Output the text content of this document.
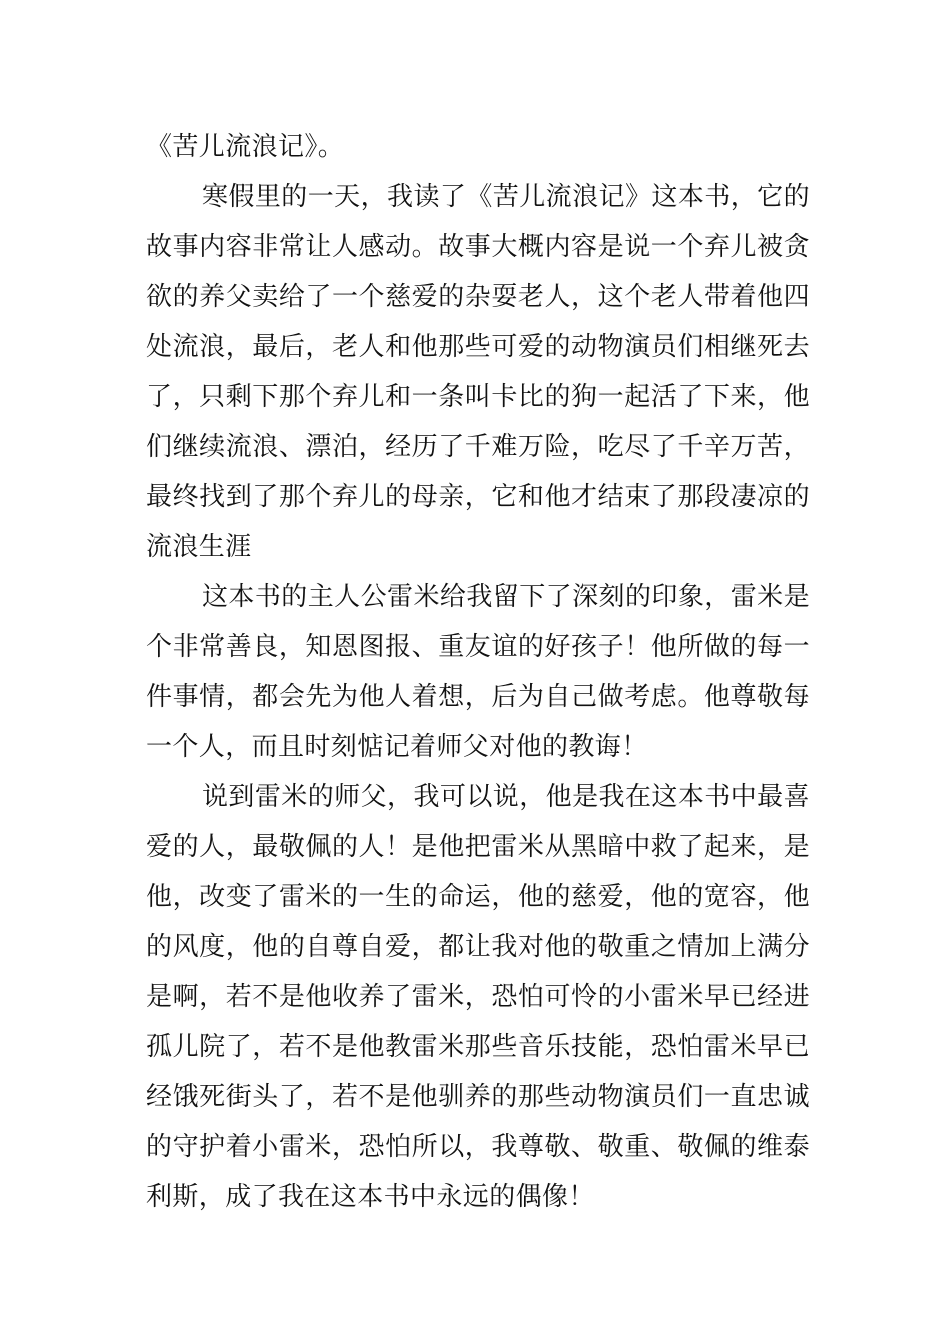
《苦儿流浪记》。

寒假里的一天，我读了《苦儿流浪记》这本书，它的故事内容非常让人感动。故事大概内容是说一个弃儿被贪欲的养父卖给了一个慈爱的杂耍老人，这个老人带着他四处流浪，最后，老人和他那些可爱的动物演员们相继死去了，只剩下那个弃儿和一条叫卡比的狗一起活了下来，他们继续流浪、漂泊，经历了千难万险，吃尽了千辛万苦，最终找到了那个弃儿的母亲，它和他才结束了那段凄凉的流浪生涯

这本书的主人公雷米给我留下了深刻的印象，雷米是个非常善良，知恩图报、重友谊的好孩子！他所做的每一件事情，都会先为他人着想，后为自己做考虑。他尊敬每一个人，而且时刻惦记着师父对他的教诲！

说到雷米的师父，我可以说，他是我在这本书中最喜爱的人，最敬佩的人！是他把雷米从黑暗中救了起来，是他，改变了雷米的一生的命运，他的慈爱，他的宽容，他的风度，他的自尊自爱，都让我对他的敬重之情加上满分是啊，若不是他收养了雷米，恐怕可怜的小雷米早已经进孤儿院了，若不是他教雷米那些音乐技能，恐怕雷米早已经饿死街头了，若不是他驯养的那些动物演员们一直忠诚的守护着小雷米，恐怕所以，我尊敬、敬重、敬佩的维泰利斯，成了我在这本书中永远的偶像！
